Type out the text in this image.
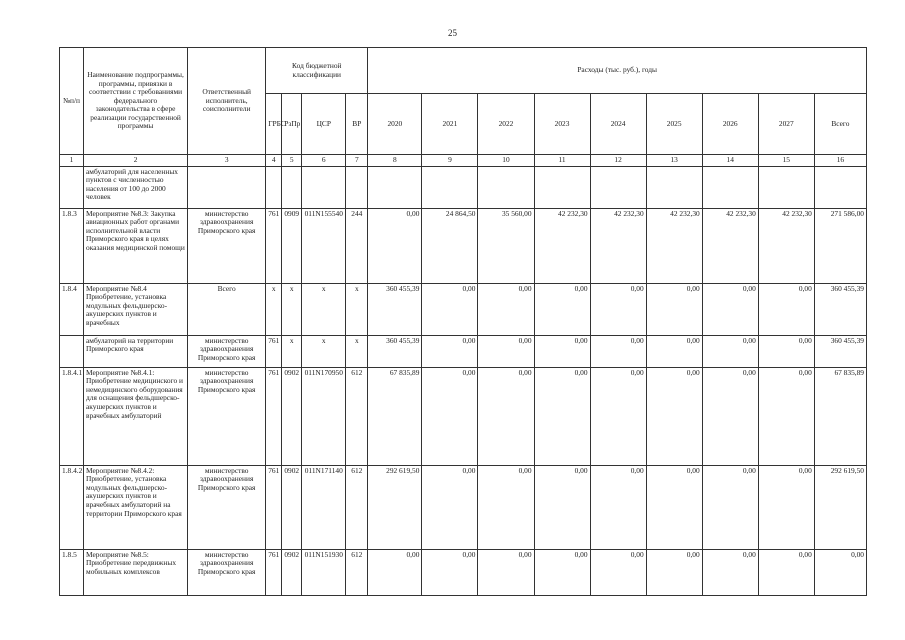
25
№п/п	Наименование подпрограммы, программы, привязки в соответствии с требованиями федерального законодательства в сфере реализации государственной программы	Ответственный исполнитель, соисполнители	Код бюджетной классификации				Расходы (тыс. руб.), годы								
			ГРБС	РзПр	ЦСР	ВР	2020	2021	2022	2023	2024	2025	2026	2027	Всего
1	2	3	4	5	6	7	8	9	10	11	12	13	14	15	16
	амбулаторий для населенных пунктов с численностью населения от 100 до 2000 человек														
1.8.3	Мероприятие №8.3: Закупка авиационных работ органами исполнительной власти Приморского края в целях оказания медицинской помощи	министерство здравоохранения Приморского края	761	0909	011N155540	244	0,00	24 864,50	35 560,00	42 232,30	42 232,30	42 232,30	42 232,30	42 232,30	271 586,00
1.8.4	Мероприятие №8.4 Приобретение, установка модульных фельдшерско-акушерских пунктов и врачебных	Всего	х	х	х	х	360 455,39	0,00	0,00	0,00	0,00	0,00	0,00	0,00	360 455,39
	амбулаторий на территории Приморского края	министерство здравоохранения Приморского края	761	х	х	х	360 455,39	0,00	0,00	0,00	0,00	0,00	0,00	0,00	360 455,39
1.8.4.1	Мероприятие №8.4.1: Приобретение медицинского и немедицинского оборудования для оснащения фельдшерско-акушерских пунктов и врачебных амбулаторий	министерство здравоохранения Приморского края	761	0902	011N170950	612	67 835,89	0,00	0,00	0,00	0,00	0,00	0,00	0,00	67 835,89
1.8.4.2	Мероприятие №8.4.2: Приобретение, установка модульных фельдшерско-акушерских пунктов и врачебных амбулаторий на территории Приморского края	министерство здравоохранения Приморского края	761	0902	011N171140	612	292 619,50	0,00	0,00	0,00	0,00	0,00	0,00	0,00	292 619,50
1.8.5	Мероприятие №8.5: Приобретение передвижных мобильных комплексов	министерство здравоохранения Приморского края	761	0902	011N151930	612	0,00	0,00	0,00	0,00	0,00	0,00	0,00	0,00	0,00
